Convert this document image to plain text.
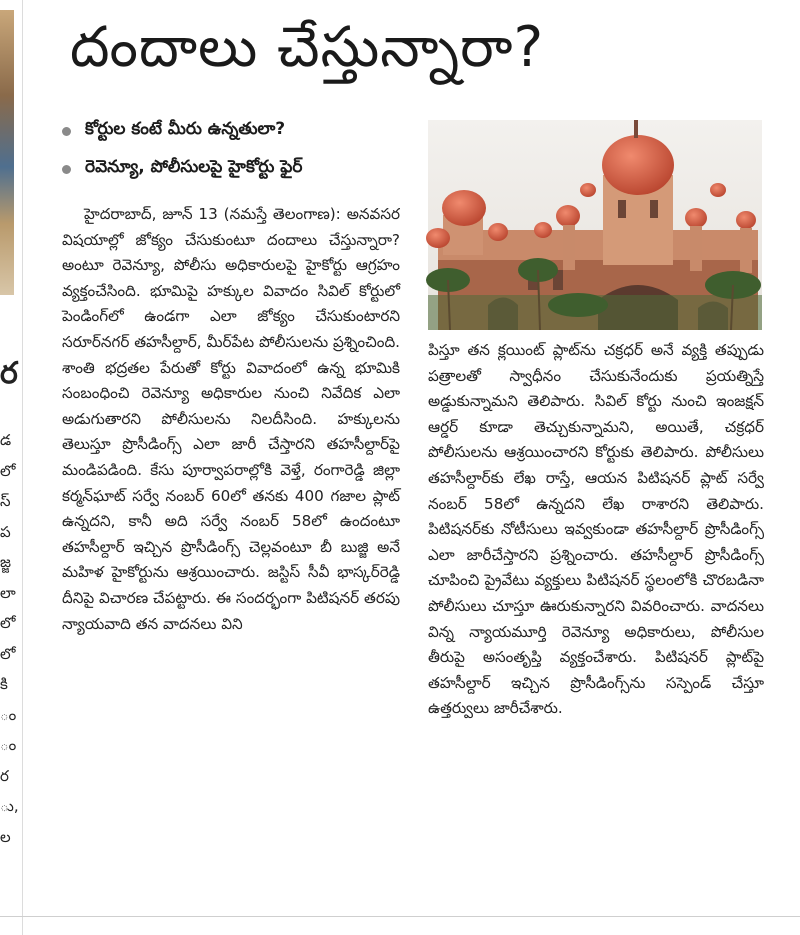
ర
డ
లో
స్
ప
జ్జ
లా
లో
లో
కి
ం
ం
ర
ు,
ల
దందాలు చేస్తున్నారా?
కోర్టుల కంటే మీరు ఉన్నతులా?
రెవెన్యూ, పోలీసులపై హైకోర్టు ఫైర్

హైదరాబాద్, జూన్ 13 (నమస్తే తెలంగాణ): అనవసర విషయాల్లో జోక్యం చేసుకుంటూ దందాలు చేస్తున్నారా? అంటూ రెవెన్యూ, పోలీసు అధికారులపై హైకోర్టు ఆగ్రహం వ్యక్తంచేసింది. భూమిపై హక్కుల వివాదం సివిల్ కోర్టులో పెండింగ్‌లో ఉండగా ఎలా జోక్యం చేసుకుంటారని సరూర్‌నగర్ తహసీల్దార్, మీర్‌పేట పోలీసులను ప్రశ్నించింది. శాంతి భద్రతల పేరుతో కోర్టు వివాదంలో ఉన్న భూమికి సంబంధించి రెవెన్యూ అధికారుల నుంచి నివేదిక ఎలా అడుగుతారని పోలీసులను నిలదీసింది. హక్కులను తెలుస్తూ ప్రొసీడింగ్స్ ఎలా జారీ చేస్తారని తహసీల్దార్‌పై మండిపడింది. కేసు పూర్వాపరాల్లోకి వెళ్తే, రంగారెడ్డి జిల్లా కర్మన్‌ఘాట్ సర్వే నంబర్ 60లో తనకు 400 గజాల ప్లాట్ ఉన్నదని, కానీ అది సర్వే నంబర్ 58లో ఉందంటూ తహసీల్దార్ ఇచ్చిన ప్రొసీడింగ్స్ చెల్లవంటూ బీ బుజ్జి అనే మహిళ హైకోర్టును ఆశ్రయించారు. జస్టిస్ సీవీ భాస్కర్‌రెడ్డి దీనిపై విచారణ చేపట్టారు. ఈ సందర్భంగా పిటిషనర్ తరపు న్యాయవాది తన వాదనలు విని

పిస్తూ తన క్లయింట్ ప్లాట్‌ను చక్రధర్ అనే వ్యక్తి తప్పుడు పత్రాలతో స్వాధీనం చేసుకునేందుకు ప్రయత్నిస్తే అడ్డుకున్నామని తెలిపారు. సివిల్ కోర్టు నుంచి ఇంజక్షన్ ఆర్డర్ కూడా తెచ్చుకున్నామని, అయితే, చక్రధర్ పోలీసులను ఆశ్రయించారని కోర్టుకు తెలిపారు. పోలీసులు తహసీల్దార్‌కు లేఖ రాస్తే, ఆయన పిటిషనర్ ప్లాట్ సర్వే నంబర్ 58లో ఉన్నదని లేఖ రాశారని తెలిపారు. పిటిషనర్‌కు నోటీసులు ఇవ్వకుండా తహసీల్దార్ ప్రొసీడింగ్స్ ఎలా జారీచేస్తారని ప్రశ్నించారు. తహసీల్దార్ ప్రొసీడింగ్స్ చూపించి ప్రైవేటు వ్యక్తులు పిటిషనర్ స్థలంలోకి చొరబడినా పోలీసులు చూస్తూ ఊరుకున్నారని వివరించారు. వాదనలు విన్న న్యాయమూర్తి రెవెన్యూ అధికారులు, పోలీసుల తీరుపై అసంతృప్తి వ్యక్తంచేశారు. పిటిషనర్ ప్లాట్‌పై తహసీల్దార్ ఇచ్చిన ప్రొసీడింగ్స్‌ను సస్పెండ్ చేస్తూ ఉత్తర్వులు జారీచేశారు.
